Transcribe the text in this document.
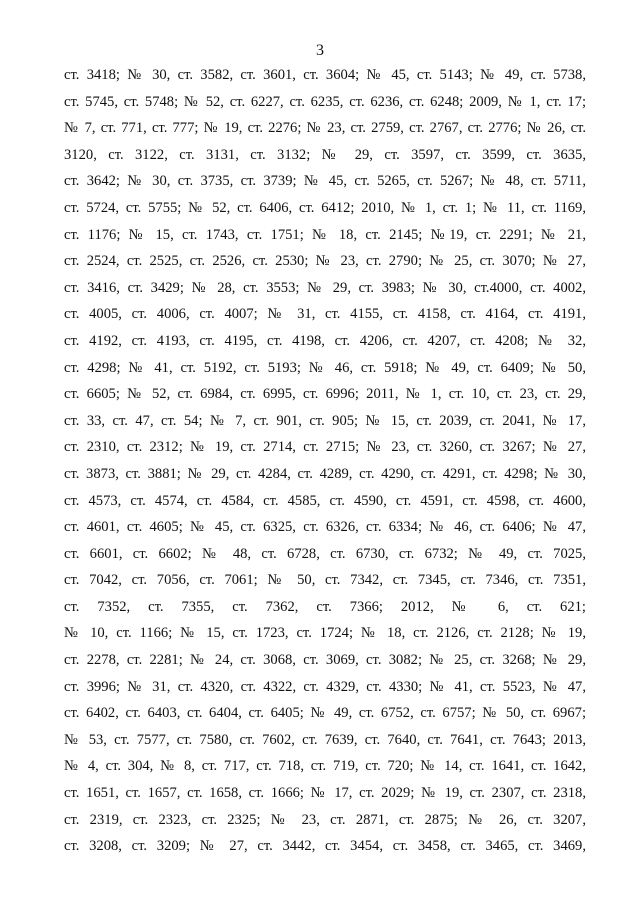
3
ст. 3418; № 30, ст. 3582, ст. 3601, ст. 3604; № 45, ст. 5143; № 49, ст. 5738,
ст. 5745, ст. 5748; № 52, ст. 6227, ст. 6235, ст. 6236, ст. 6248; 2009, № 1, ст. 17;
№ 7, ст. 771, ст. 777; № 19, ст. 2276; № 23, ст. 2759, ст. 2767, ст. 2776; № 26, ст.
3120, ст. 3122, ст. 3131, ст. 3132; № 29, ст. 3597, ст. 3599, ст. 3635,
ст. 3642; № 30, ст. 3735, ст. 3739; № 45, ст. 5265, ст. 5267; № 48, ст. 5711,
ст. 5724, ст. 5755; № 52, ст. 6406, ст. 6412; 2010, № 1, ст. 1; № 11, ст. 1169,
ст. 1176; № 15, ст. 1743, ст. 1751; № 18, ст. 2145; №19, ст. 2291; № 21,
ст. 2524, ст. 2525, ст. 2526, ст. 2530; № 23, ст. 2790; № 25, ст. 3070; № 27,
ст. 3416, ст. 3429; № 28, ст. 3553; № 29, ст. 3983; № 30, ст.4000, ст. 4002,
ст. 4005, ст. 4006, ст. 4007; № 31, ст. 4155, ст. 4158, ст. 4164, ст. 4191,
ст. 4192, ст. 4193, ст. 4195, ст. 4198, ст. 4206, ст. 4207, ст. 4208; № 32,
ст. 4298; № 41, ст. 5192, ст. 5193; № 46, ст. 5918; № 49, ст. 6409; № 50,
ст. 6605; № 52, ст. 6984, ст. 6995, ст. 6996; 2011, № 1, ст. 10, ст. 23, ст. 29,
ст. 33, ст. 47, ст. 54; № 7, ст. 901, ст. 905; № 15, ст. 2039, ст. 2041, № 17,
ст. 2310, ст. 2312; № 19, ст. 2714, ст. 2715; № 23, ст. 3260, ст. 3267; № 27,
ст. 3873, ст. 3881; № 29, ст. 4284, ст. 4289, ст. 4290, ст. 4291, ст. 4298; № 30,
ст. 4573, ст. 4574, ст. 4584, ст. 4585, ст. 4590, ст. 4591, ст. 4598, ст. 4600,
ст. 4601, ст. 4605; № 45, ст. 6325, ст. 6326, ст. 6334; № 46, ст. 6406; № 47,
ст. 6601, ст. 6602; № 48, ст. 6728, ст. 6730, ст. 6732; № 49, ст. 7025,
ст. 7042, ст. 7056, ст. 7061; № 50, ст. 7342, ст. 7345, ст. 7346, ст. 7351,
ст. 7352, ст. 7355, ст. 7362, ст. 7366; 2012, № 6, ст. 621;
№ 10, ст. 1166; № 15, ст. 1723, ст. 1724; № 18, ст. 2126, ст. 2128; № 19,
ст. 2278, ст. 2281; № 24, ст. 3068, ст. 3069, ст. 3082; № 25, ст. 3268; № 29,
ст. 3996; № 31, ст. 4320, ст. 4322, ст. 4329, ст. 4330; № 41, ст. 5523, № 47,
ст. 6402, ст. 6403, ст. 6404, ст. 6405; № 49, ст. 6752, ст. 6757; № 50, ст. 6967;
№ 53, ст. 7577, ст. 7580, ст. 7602, ст. 7639, ст. 7640, ст. 7641, ст. 7643; 2013,
№ 4, ст. 304, № 8, ст. 717, ст. 718, ст. 719, ст. 720; № 14, ст. 1641, ст. 1642,
ст. 1651, ст. 1657, ст. 1658, ст. 1666; № 17, ст. 2029; № 19, ст. 2307, ст. 2318,
ст. 2319, ст. 2323, ст. 2325; № 23, ст. 2871, ст. 2875; № 26, ст. 3207,
ст. 3208, ст. 3209; № 27, ст. 3442, ст. 3454, ст. 3458, ст. 3465, ст. 3469,
